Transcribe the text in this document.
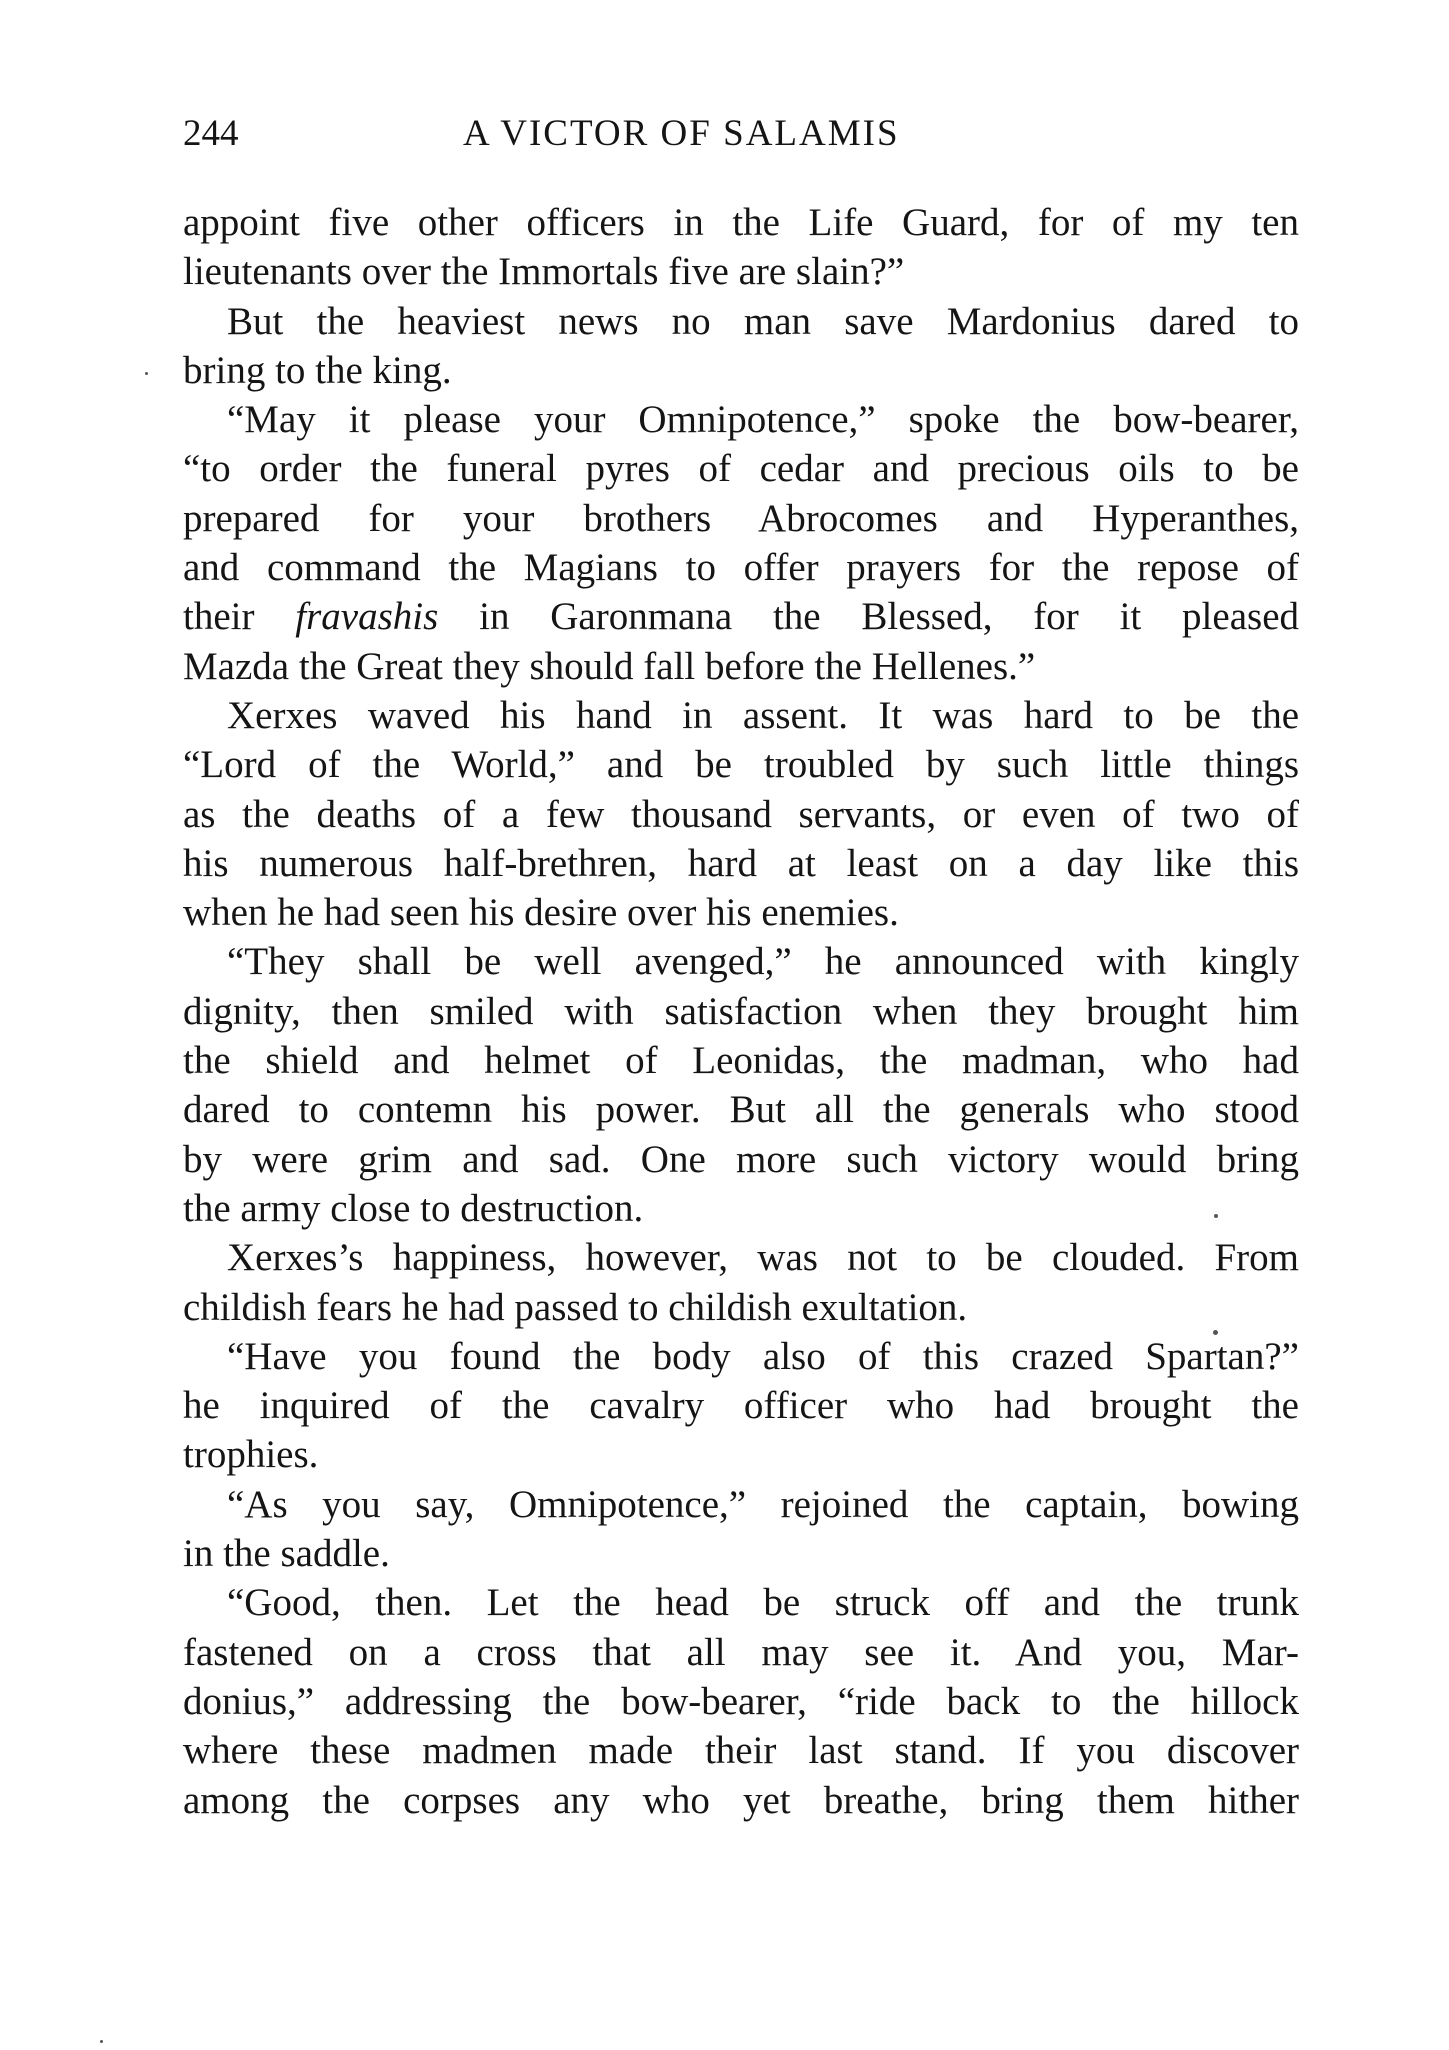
244	A VICTOR OF SALAMIS
appoint five other officers in the Life Guard, for of my ten
lieutenants over the Immortals five are slain?”
But the heaviest news no man save Mardonius dared to
bring to the king.
“May it please your Omnipotence,” spoke the bow-bearer,
“to order the funeral pyres of cedar and precious oils to be
prepared for your brothers Abrocomes and Hyperanthes,
and command the Magians to offer prayers for the repose of
their fravashis in Garonmana the Blessed, for it pleased
Mazda the Great they should fall before the Hellenes.”
Xerxes waved his hand in assent. It was hard to be the
“Lord of the World,” and be troubled by such little things
as the deaths of a few thousand servants, or even of two of
his numerous half-brethren, hard at least on a day like this
when he had seen his desire over his enemies.
“They shall be well avenged,” he announced with kingly
dignity, then smiled with satisfaction when they brought him
the shield and helmet of Leonidas, the madman, who had
dared to contemn his power. But all the generals who stood
by were grim and sad. One more such victory would bring
the army close to destruction.
Xerxes’s happiness, however, was not to be clouded. From
childish fears he had passed to childish exultation.
“Have you found the body also of this crazed Spartan?”
he inquired of the cavalry officer who had brought the
trophies.
“As you say, Omnipotence,” rejoined the captain, bowing
in the saddle.
“Good, then. Let the head be struck off and the trunk
fastened on a cross that all may see it. And you, Mar-
donius,” addressing the bow-bearer, “ride back to the hillock
where these madmen made their last stand. If you discover
among the corpses any who yet breathe, bring them hither
